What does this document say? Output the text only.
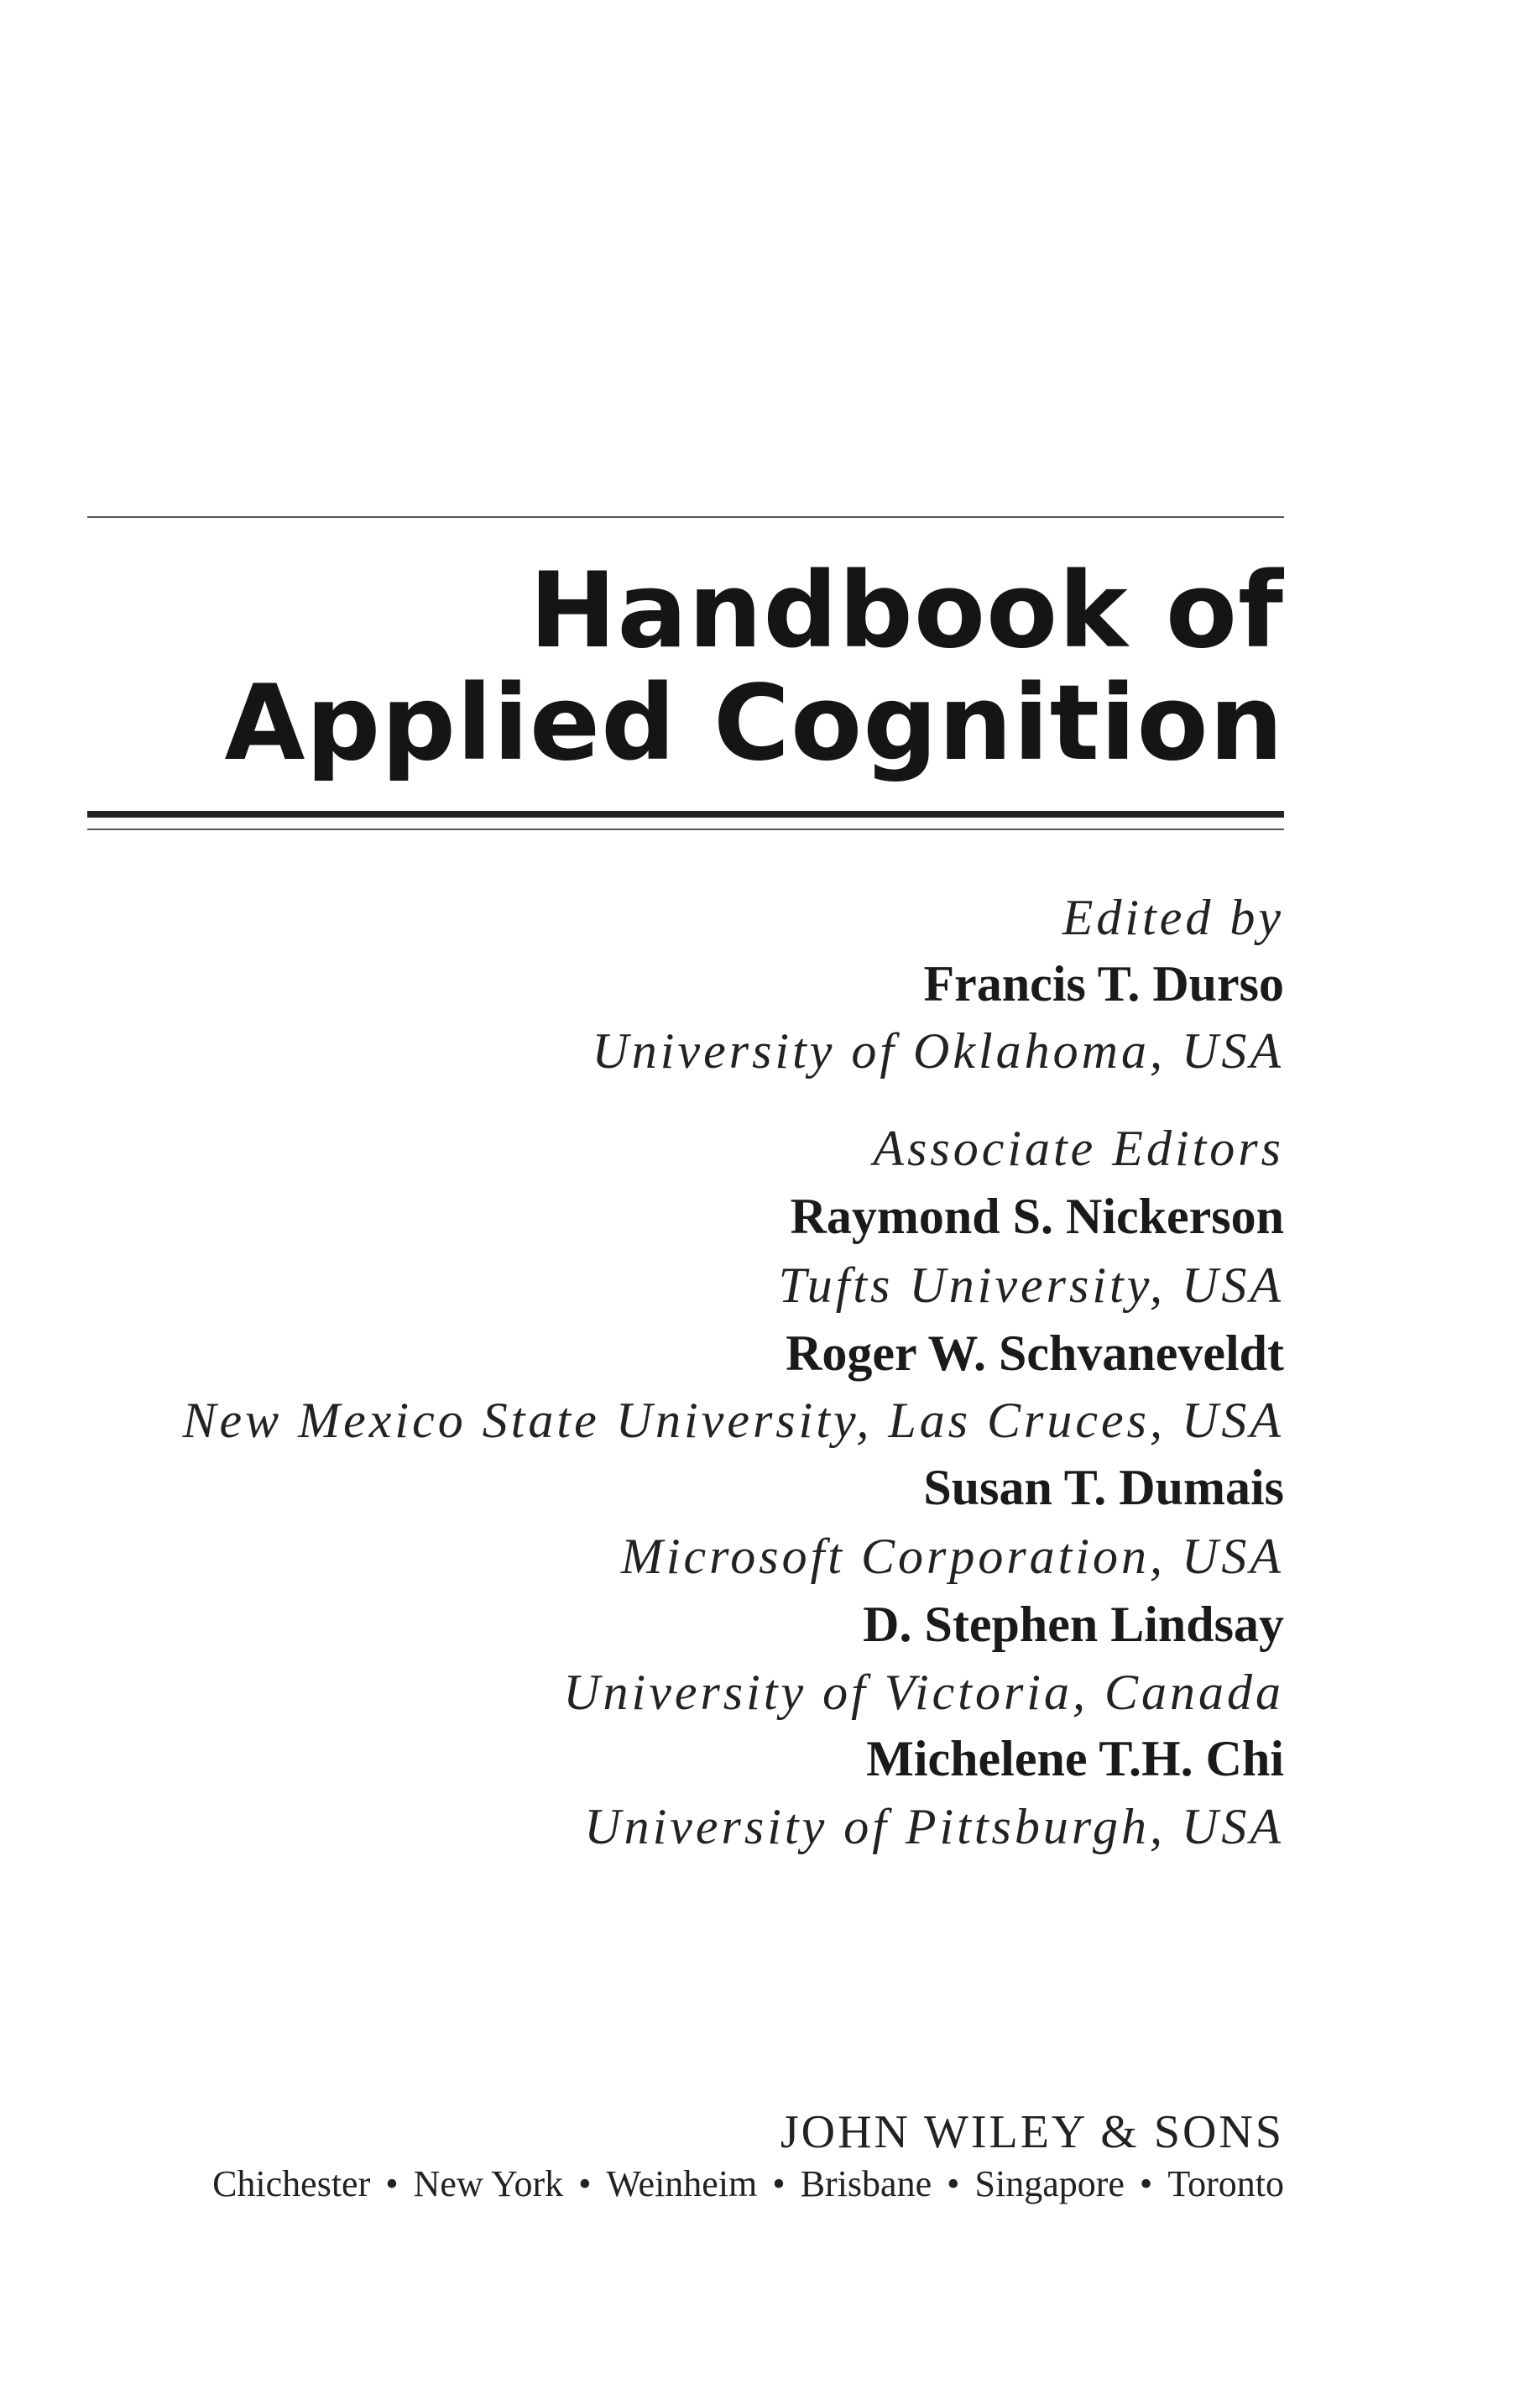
Handbook of
Applied Cognition
Edited by
Francis T. Durso
University of Oklahoma, USA
Associate Editors
Raymond S. Nickerson
Tufts University, USA
Roger W. Schvaneveldt
New Mexico State University, Las Cruces, USA
Susan T. Dumais
Microsoft Corporation, USA
D. Stephen Lindsay
University of Victoria, Canada
Michelene T.H. Chi
University of Pittsburgh, USA
JOHN WILEY & SONS
Chichester • New York • Weinheim • Brisbane • Singapore • Toronto
